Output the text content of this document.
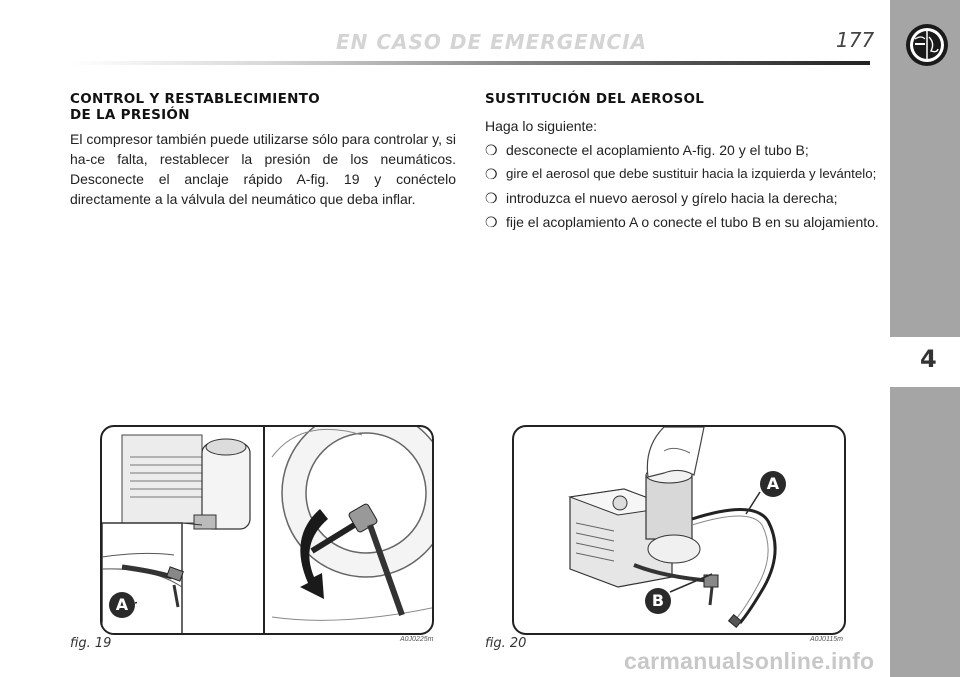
EN CASO DE EMERGENCIA	177
4
CONTROL Y RESTABLECIMIENTO
DE LA PRESIÓN

El compresor también puede utilizarse sólo para controlar y, si ha-ce falta, restablecer la presión de los neumáticos. Desconecte el anclaje rápido A-fig. 19 y conéctelo directamente a la válvula del neumático que deba inflar.

SUSTITUCIÓN DEL AEROSOL

Haga lo siguiente:

❍ desconecte el acoplamiento A-fig. 20 y el tubo B;
❍ gire el aerosol que debe sustituir hacia la izquierda y levántelo;
❍ introduzca el nuevo aerosol y gírelo hacia la derecha;
❍ fije el acoplamiento A o conecte el tubo B en su alojamiento.
A
fig. 19	A0J0225m
A
B
fig. 20	A0J0115m
carmanualsonline.info
